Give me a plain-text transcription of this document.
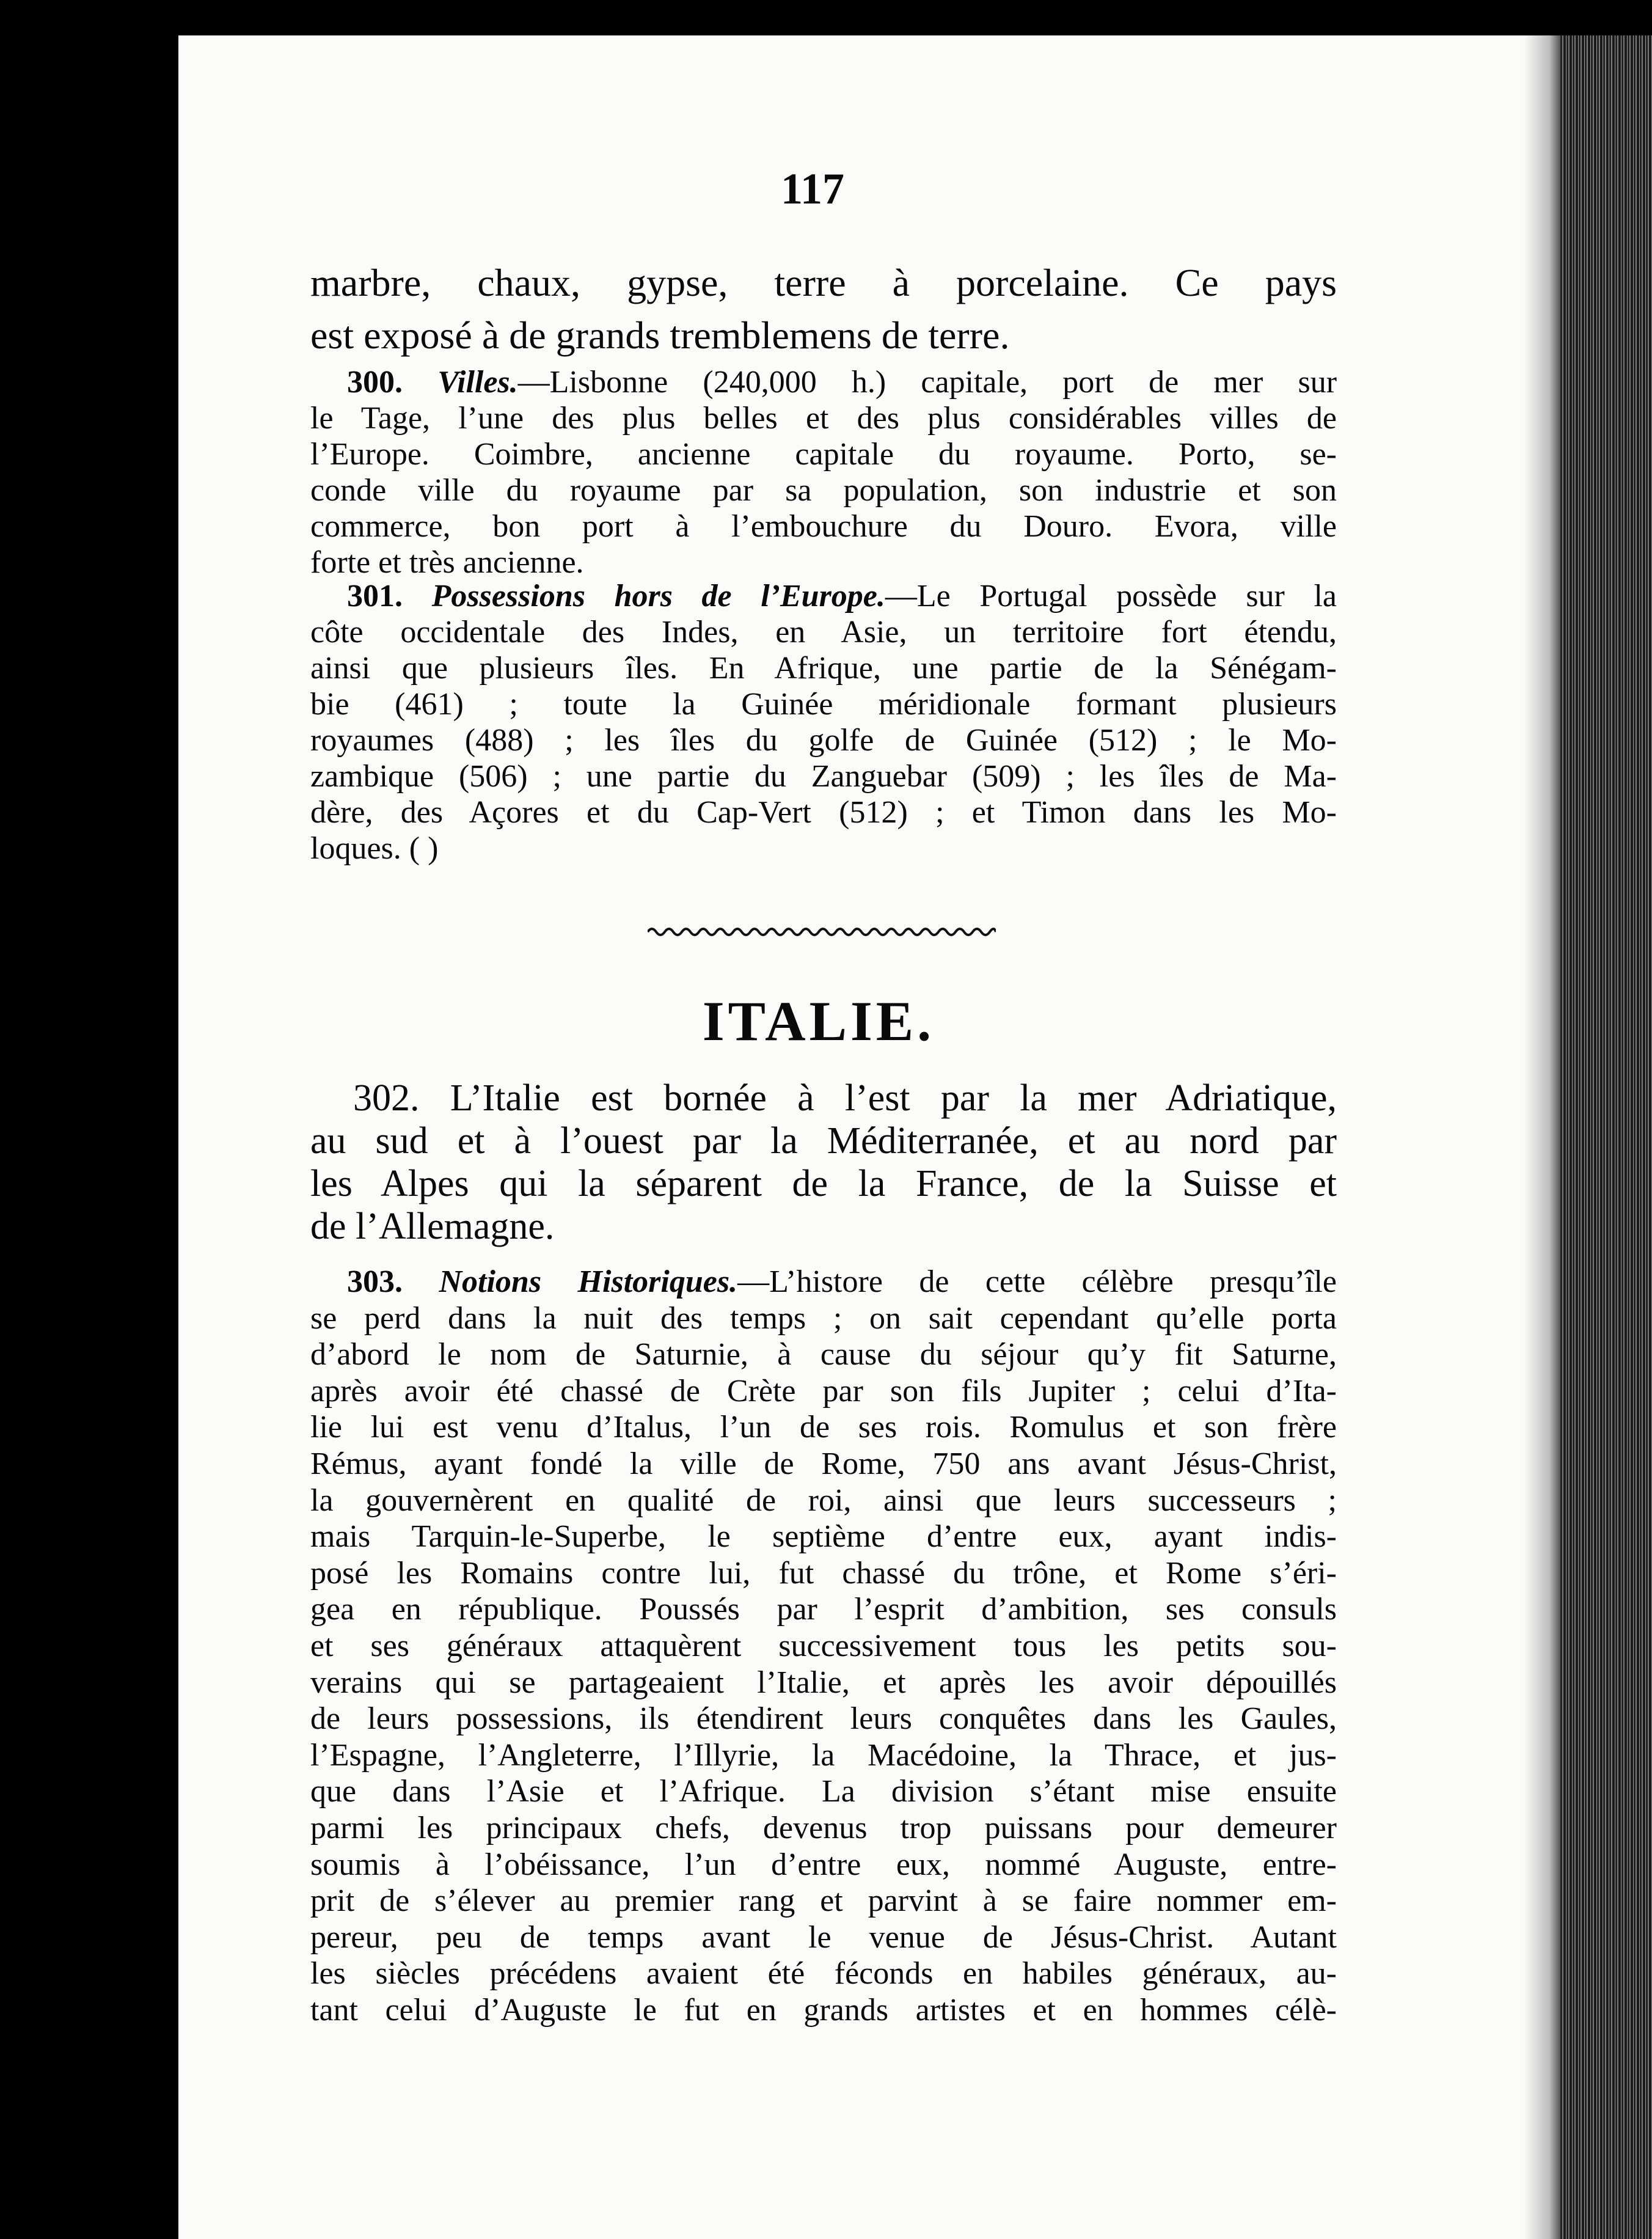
117
marbre, chaux, gypse, terre à porcelaine. Ce pays
est exposé à de grands tremblemens de terre.
300. Villes.—Lisbonne (240,000 h.) capitale, port de mer sur
le Tage, l’une des plus belles et des plus considérables villes de
l’Europe. Coimbre, ancienne capitale du royaume. Porto, se-
conde ville du royaume par sa population, son industrie et son
commerce, bon port à l’embouchure du Douro. Evora, ville
forte et très ancienne.
301. Possessions hors de l’Europe.—Le Portugal possède sur la
côte occidentale des Indes, en Asie, un territoire fort étendu,
ainsi que plusieurs îles. En Afrique, une partie de la Sénégam-
bie (461) ; toute la Guinée méridionale formant plusieurs
royaumes (488) ; les îles du golfe de Guinée (512) ; le Mo-
zambique (506) ; une partie du Zanguebar (509) ; les îles de Ma-
dère, des Açores et du Cap-Vert (512) ; et Timon dans les Mo-
loques. ( )
ITALIE.
302. L’Italie est bornée à l’est par la mer Adriatique,
au sud et à l’ouest par la Méditerranée, et au nord par
les Alpes qui la séparent de la France, de la Suisse et
de l’Allemagne.
303. Notions Historiques.—L’histore de cette célèbre presqu’île
se perd dans la nuit des temps ; on sait cependant qu’elle porta
d’abord le nom de Saturnie, à cause du séjour qu’y fit Saturne,
après avoir été chassé de Crète par son fils Jupiter ; celui d’Ita-
lie lui est venu d’Italus, l’un de ses rois. Romulus et son frère
Rémus, ayant fondé la ville de Rome, 750 ans avant Jésus-Christ,
la gouvernèrent en qualité de roi, ainsi que leurs successeurs ;
mais Tarquin-le-Superbe, le septième d’entre eux, ayant indis-
posé les Romains contre lui, fut chassé du trône, et Rome s’éri-
gea en république. Poussés par l’esprit d’ambition, ses consuls
et ses généraux attaquèrent successivement tous les petits sou-
verains qui se partageaient l’Italie, et après les avoir dépouillés
de leurs possessions, ils étendirent leurs conquêtes dans les Gaules,
l’Espagne, l’Angleterre, l’Illyrie, la Macédoine, la Thrace, et jus-
que dans l’Asie et l’Afrique. La division s’étant mise ensuite
parmi les principaux chefs, devenus trop puissans pour demeurer
soumis à l’obéissance, l’un d’entre eux, nommé Auguste, entre-
prit de s’élever au premier rang et parvint à se faire nommer em-
pereur, peu de temps avant le venue de Jésus-Christ. Autant
les siècles précédens avaient été féconds en habiles généraux, au-
tant celui d’Auguste le fut en grands artistes et en hommes célè-
